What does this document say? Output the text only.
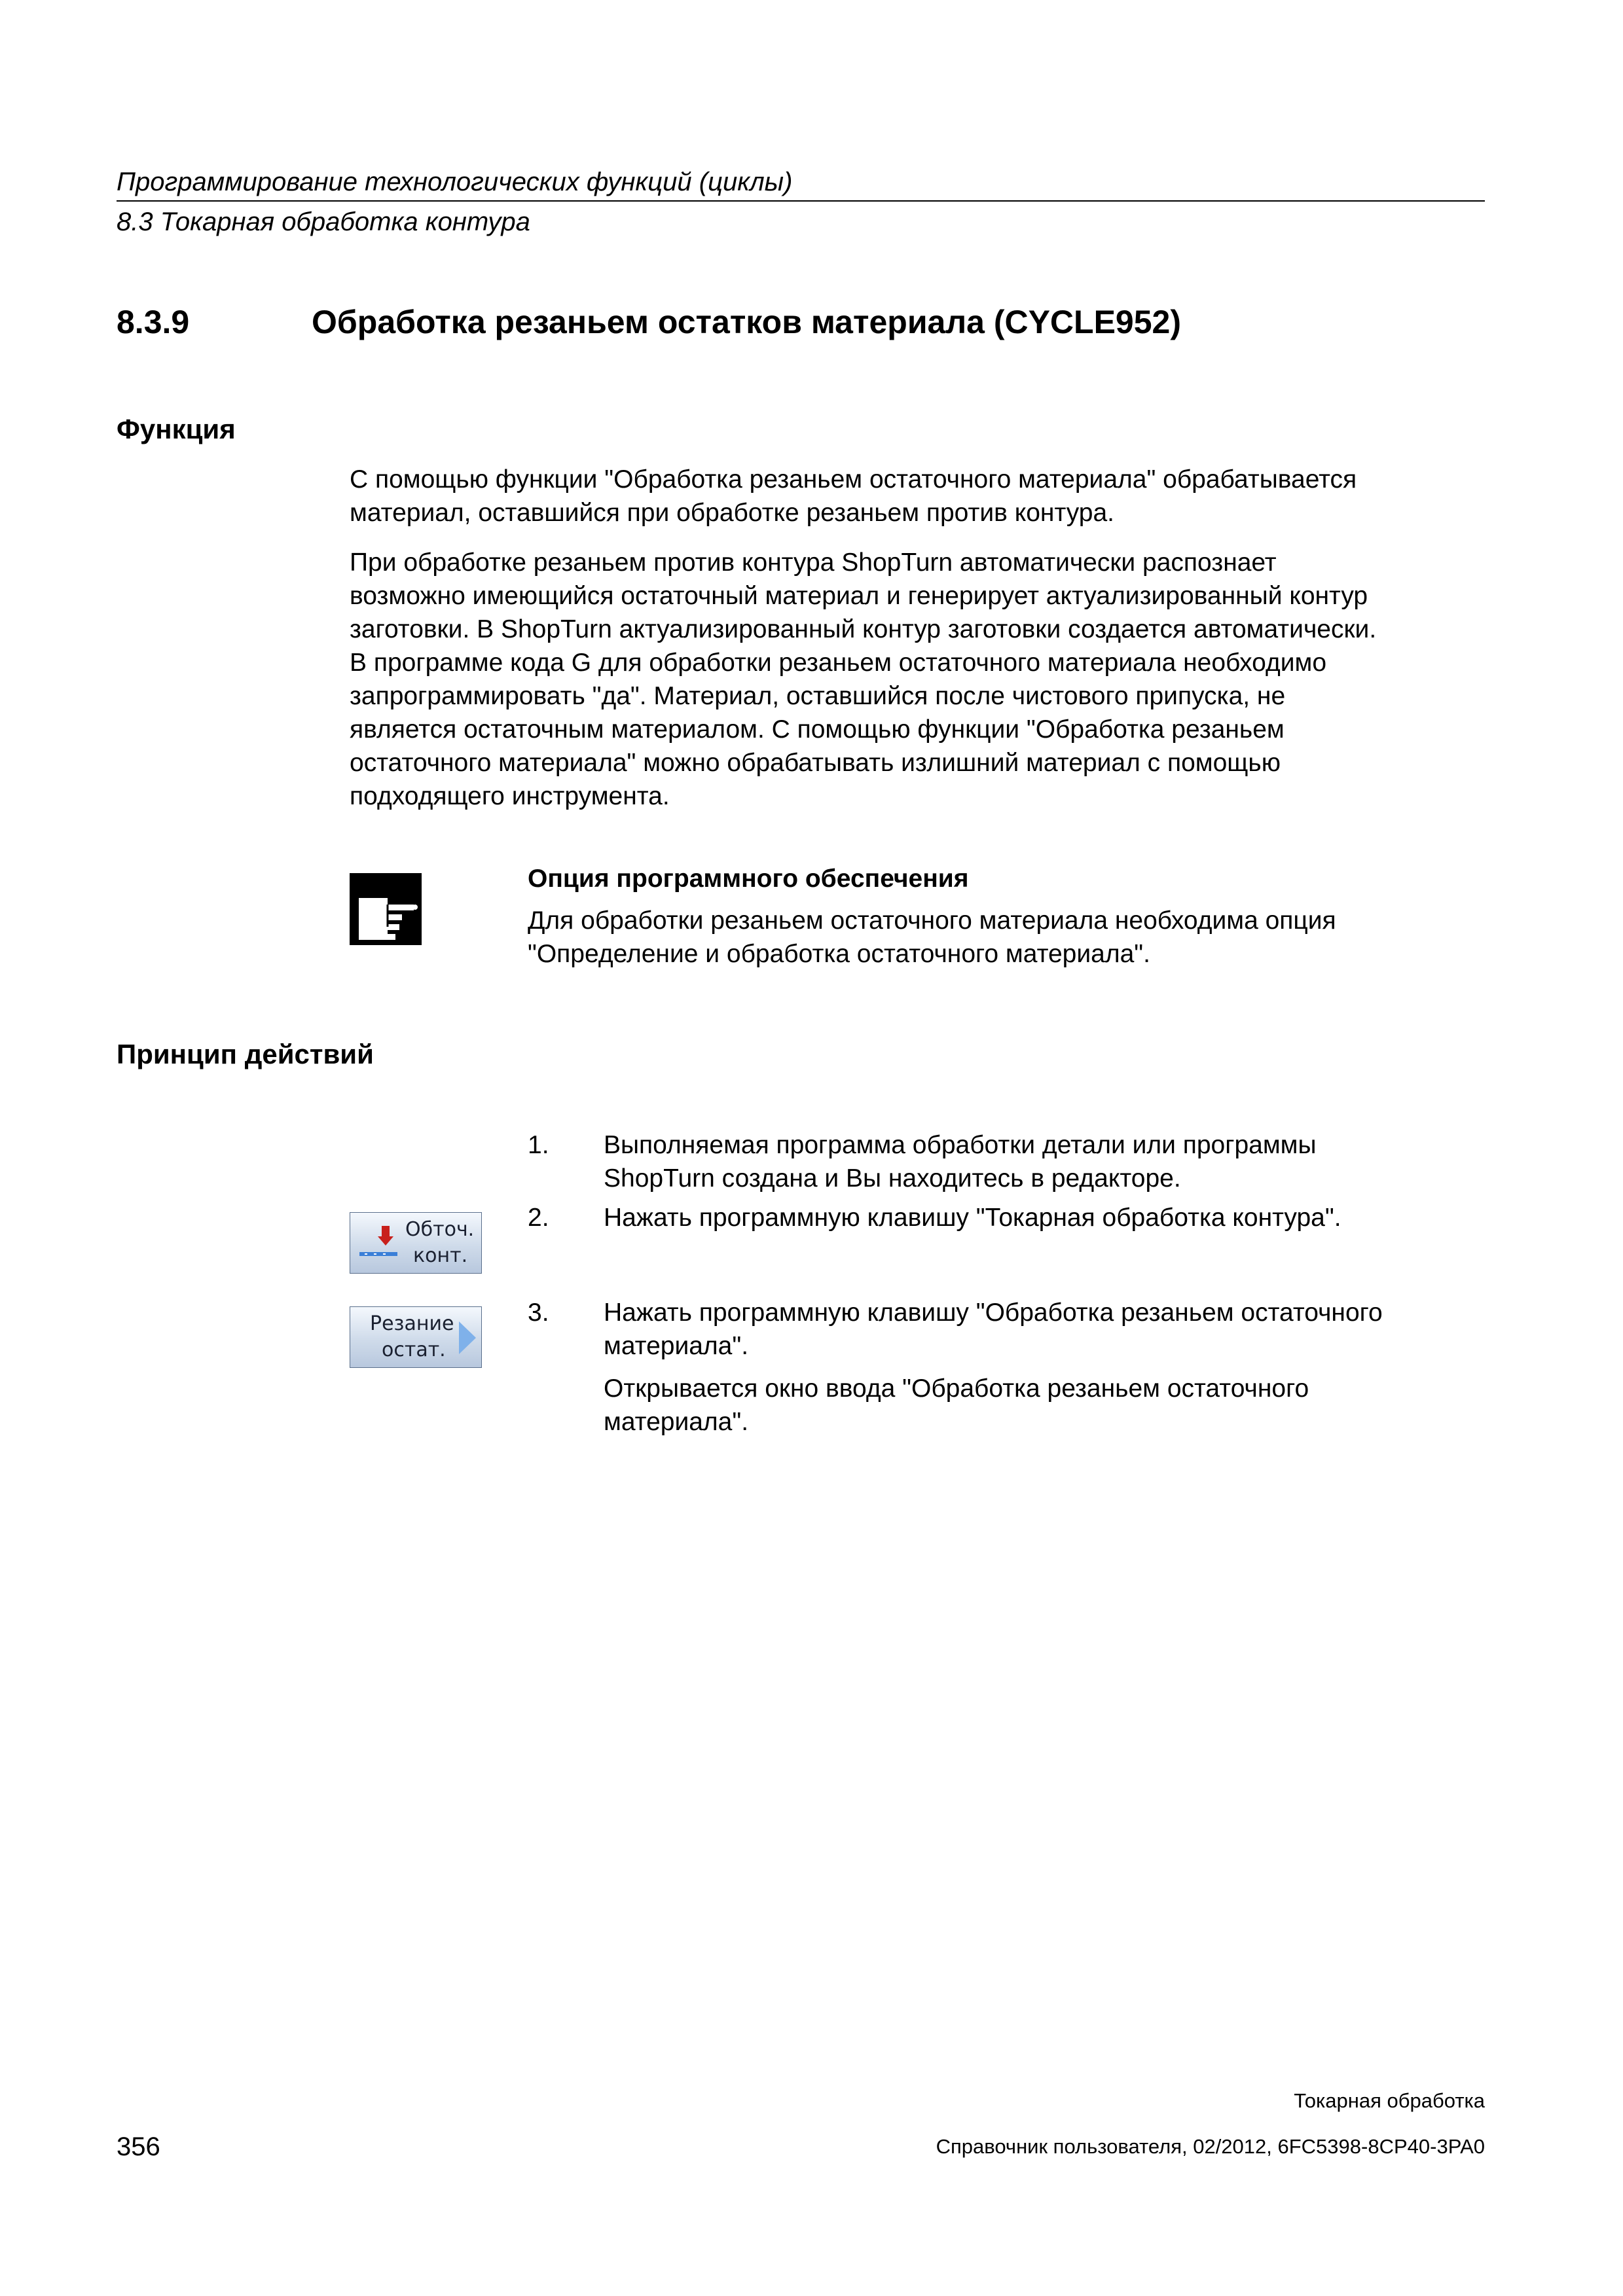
Программирование технологических функций (циклы)
8.3 Токарная обработка контура
8.3.9	Обработка резаньем остатков материала (CYCLE952)
Функция
С помощью функции "Обработка резаньем остаточного материала" обрабатывается
материал, оставшийся при обработке резаньем против контура.
При обработке резаньем против контура ShopTurn автоматически распознает
возможно имеющийся остаточный материал и генерирует актуализированный контур
заготовки. В ShopTurn актуализированный контур заготовки создается автоматически.
В программе кода G для обработки резаньем остаточного материала необходимо
запрограммировать "да". Материал, оставшийся после чистового припуска, не
является остаточным материалом. С помощью функции "Обработка резаньем
остаточного материала" можно обрабатывать излишний материал с помощью
подходящего инструмента.
Опция программного обеспечения
Для обработки резаньем остаточного материала необходима опция
"Определение и обработка остаточного материала".
Принцип действий
1. Выполняемая программа обработки детали или программы
ShopTurn создана и Вы находитесь в редакторе.
Обточ.
конт.
2. Нажать программную клавишу "Токарная обработка контура".
Резание
остат.
3. Нажать программную клавишу "Обработка резаньем остаточного
материала".
Открывается окно ввода "Обработка резаньем остаточного
материала".
Токарная обработка
356	Справочник пользователя, 02/2012, 6FC5398-8CP40-3PA0
